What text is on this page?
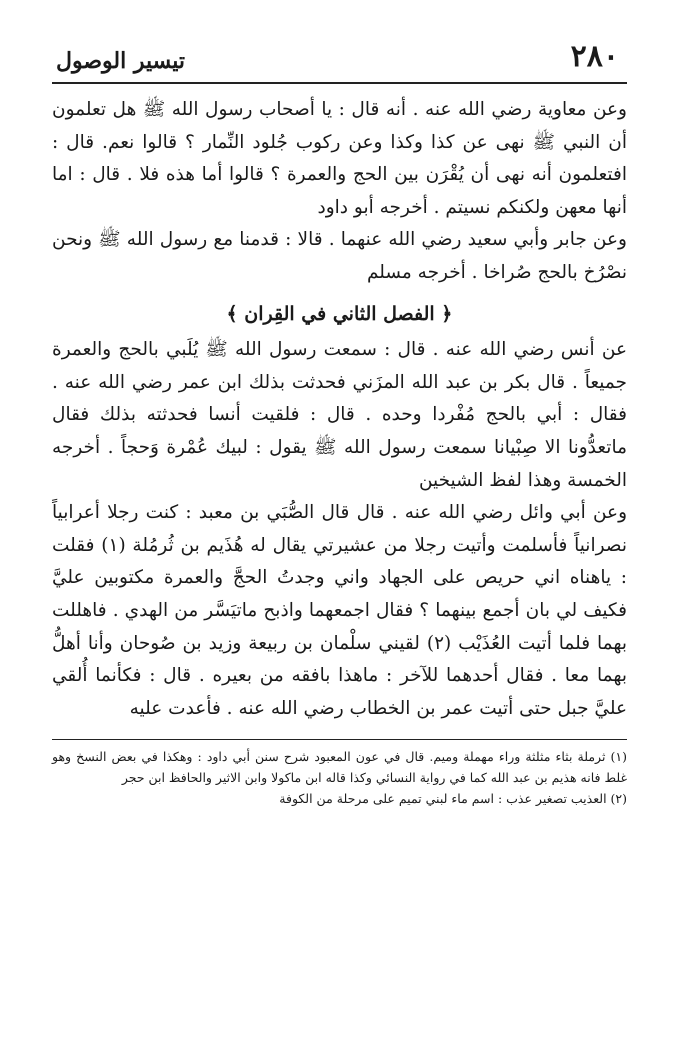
٢٨٠
تيسير الوصول

وعن معاوية رضي الله عنه . أنه قال : يا أصحاب رسول الله ﷺ هل تعلمون أن النبي ﷺ نهى عن كذا وكذا وعن ركوب جُلود النِّمار ؟ قالوا نعم. قال : افتعلمون أنه نهى أن يُقْرَن بين الحج والعمرة ؟ قالوا أما هذه فلا . قال : اما أنها معهن ولكنكم نسيتم . أخرجه أبو داود

وعن جابر وأبي سعيد رضي الله عنهما . قالا : قدمنا مع رسول الله ﷺ ونحن نصْرُخ بالحج صُراخا . أخرجه مسلم

﴿ الفصل الثاني في القِران ﴾

عن أنس رضي الله عنه . قال : سمعت رسول الله ﷺ يُلَبي بالحج والعمرة جميعاً . قال بكر بن عبد الله المزَني فحدثت بذلك ابن عمر رضي الله عنه . فقال : أبي بالحج مُفْردا وحده . قال : فلقيت أنسا فحدثته بذلك فقال ماتعدُّونا الا صِبْيانا سمعت رسول الله ﷺ يقول : لبيك عُمْرة وَحجاً . أخرجه الخمسة وهذا لفظ الشيخين

وعن أبي وائل رضي الله عنه . قال قال الصُّبَي بن معبد : كنت رجلا أعرابياً نصرانياً فأسلمت وأتيت رجلا من عشيرتي يقال له هُذَيم بن ثُرمُلة (١) فقلت : ياهناه اني حريص على الجهاد واني وجدتُ الحجَّ والعمرة مكتوبين عليَّ فكيف لي بان أجمع بينهما ؟ فقال اجمعهما واذبح ماتيَسَّر من الهدي . فاهللت بهما فلما أتيت العُذَيْب (٢) لقيني سلْمان بن ربيعة وزيد بن صُوحان وأنا أهلُّ بهما معا . فقال أحدهما للآخر : ماهذا بافقه من بعيره . قال : فكأنما أُلقي عليَّ جبل حتى أتيت عمر بن الخطاب رضي الله عنه . فأعدت عليه

(١) ثرملة بثاء مثلثة وراء مهملة وميم. قال في عون المعبود شرح سنن أبي داود : وهكذا في بعض النسخ وهو غلط فانه هذيم بن عبد الله كما في رواية النسائي وكذا قاله ابن ماكولا وابن الاثير والحافظ ابن حجر

(٢) العذيب تصغير عذب : اسم ماء لبني تميم على مرحلة من الكوفة
